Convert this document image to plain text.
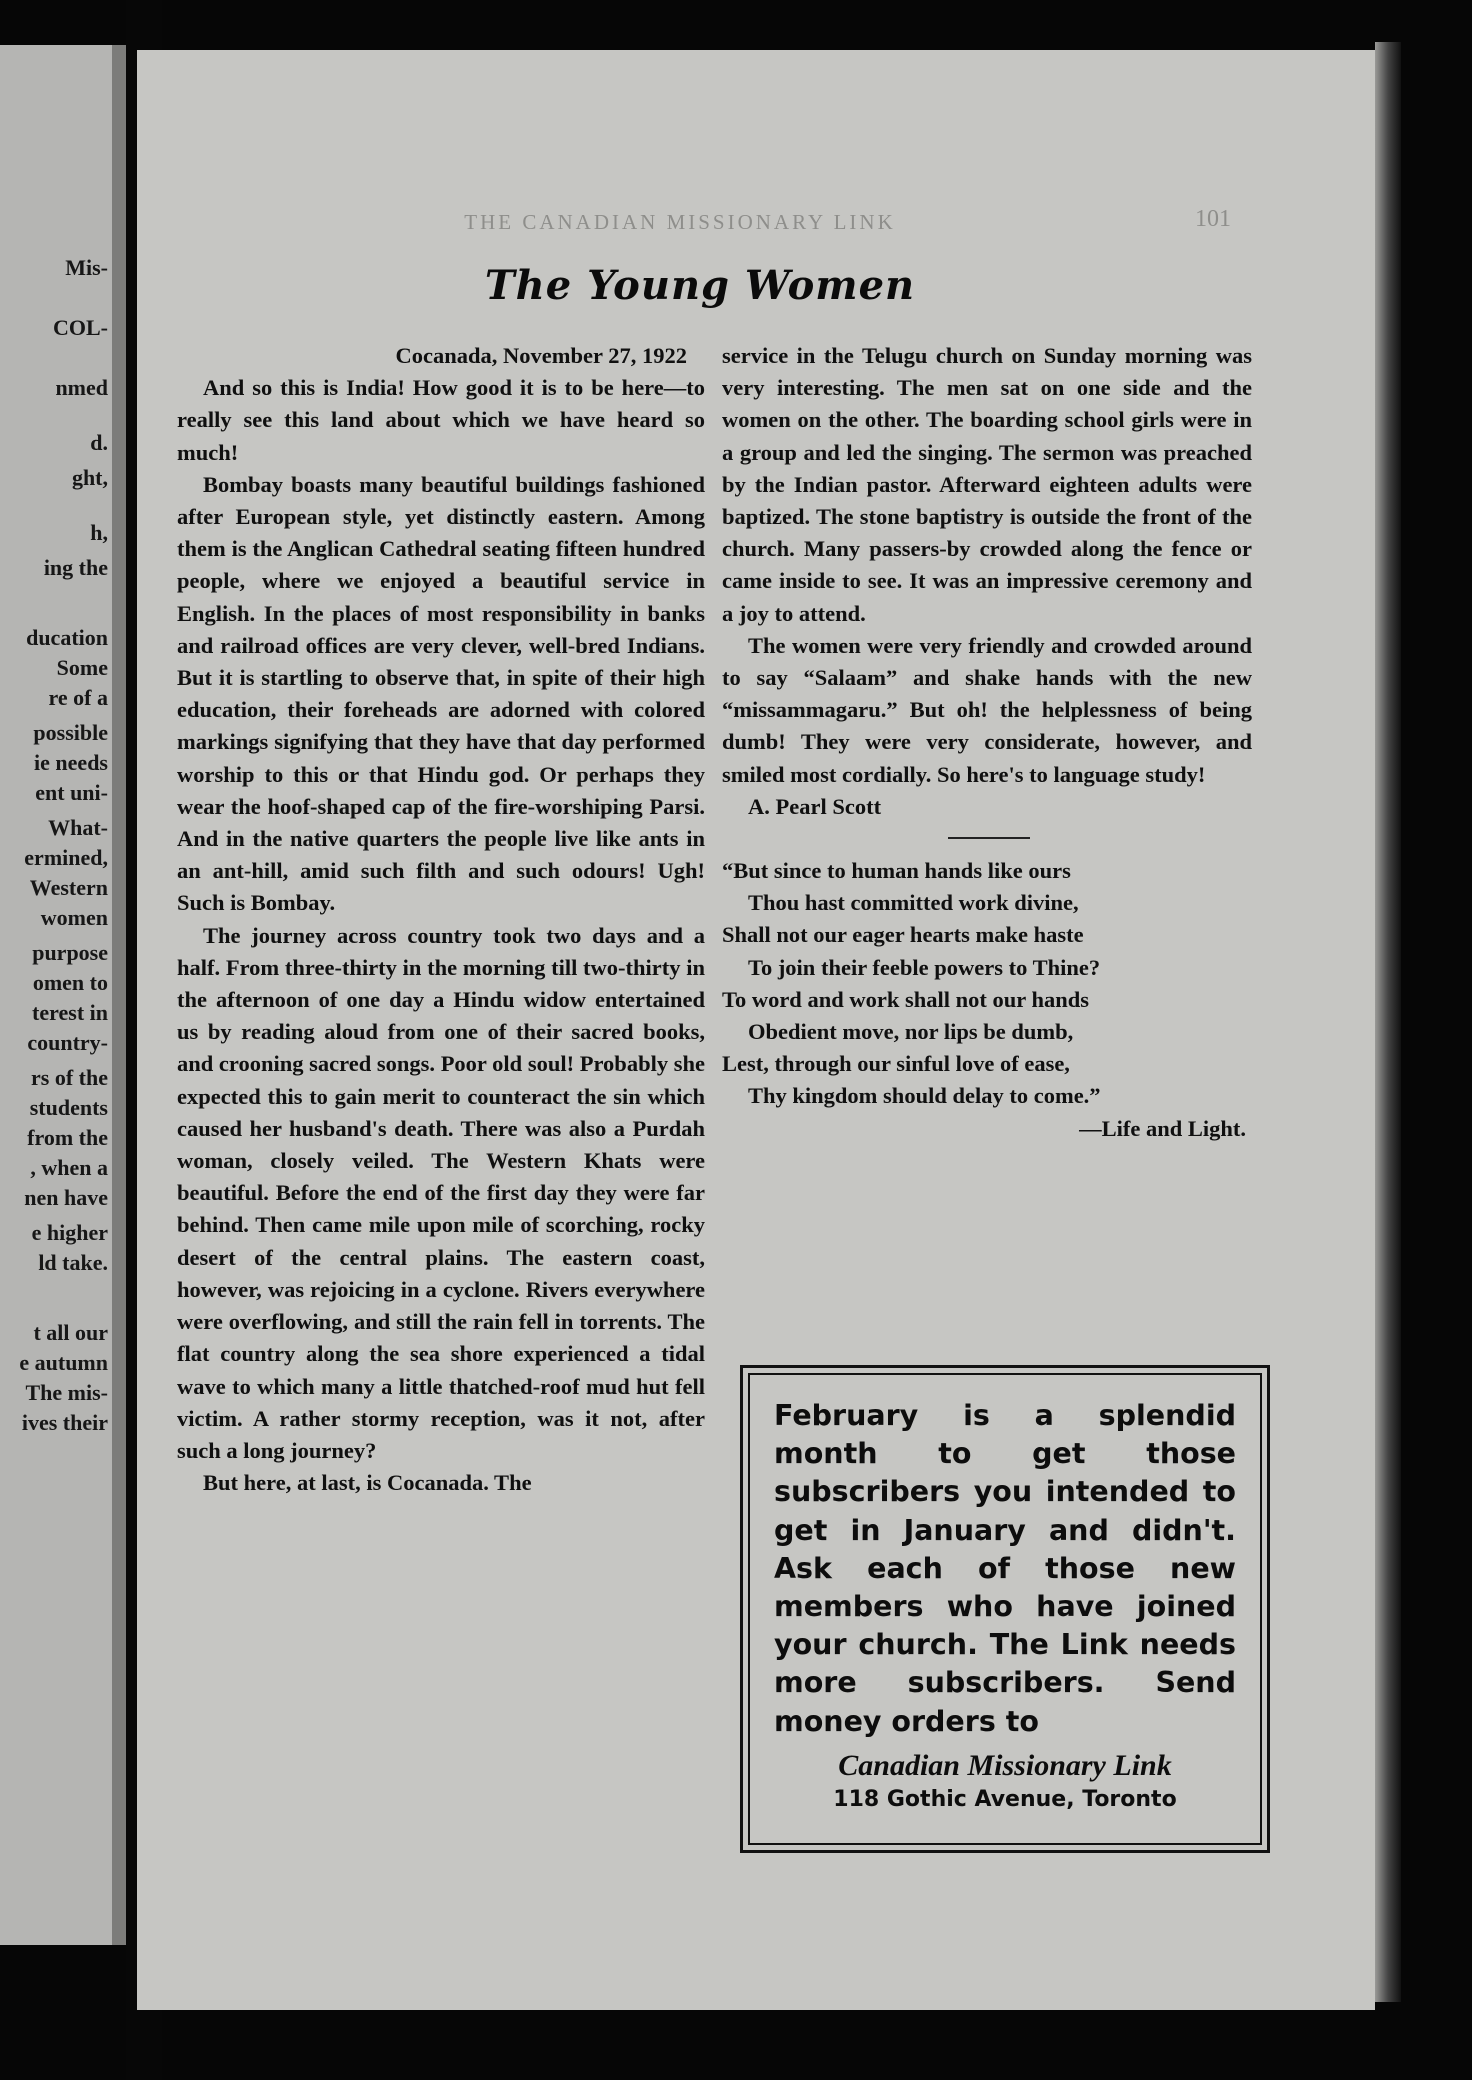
Mis-
COL-
nmed
d.
ght,
h,
ing the
ducation
Some
re of a
possible
ie needs
ent uni-
What-
ermined,
Western
women
purpose
omen to
terest in
country-
rs of the
students
from the
, when a
nen have
e higher
ld take.
t all our
e autumn
The mis-
ives their
THE CANADIAN MISSIONARY LINK	101
The Young Women

Cocanada, November 27, 1922

And so this is India! How good it is to be here—to really see this land about which we have heard so much!

Bombay boasts many beautiful buildings fashioned after European style, yet distinctly eastern. Among them is the Anglican Cathedral seating fifteen hundred people, where we enjoyed a beautiful service in English. In the places of most responsibility in banks and railroad offices are very clever, well-bred Indians. But it is startling to observe that, in spite of their high education, their foreheads are adorned with colored markings signifying that they have that day performed worship to this or that Hindu god. Or perhaps they wear the hoof-shaped cap of the fire-worshiping Parsi. And in the native quarters the people live like ants in an ant-hill, amid such filth and such odours! Ugh! Such is Bombay.

The journey across country took two days and a half. From three-thirty in the morning till two-thirty in the afternoon of one day a Hindu widow entertained us by reading aloud from one of their sacred books, and crooning sacred songs. Poor old soul! Probably she expected this to gain merit to counteract the sin which caused her husband's death. There was also a Purdah woman, closely veiled. The Western Khats were beautiful. Before the end of the first day they were far behind. Then came mile upon mile of scorching, rocky desert of the central plains. The eastern coast, however, was rejoicing in a cyclone. Rivers everywhere were overflowing, and still the rain fell in torrents. The flat country along the sea shore experienced a tidal wave to which many a little thatched-roof mud hut fell victim. A rather stormy reception, was it not, after such a long journey?

But here, at last, is Cocanada. The

service in the Telugu church on Sunday morning was very interesting. The men sat on one side and the women on the other. The boarding school girls were in a group and led the singing. The sermon was preached by the Indian pastor. Afterward eighteen adults were baptized. The stone baptistry is outside the front of the church. Many passers-by crowded along the fence or came inside to see. It was an impressive ceremony and a joy to attend.

The women were very friendly and crowded around to say “Salaam” and shake hands with the new “missammagaru.” But oh! the helplessness of being dumb! They were very considerate, however, and smiled most cordially. So here's to language study!

A. Pearl Scott

“But since to human hands like ours
Thou hast committed work divine,
Shall not our eager hearts make haste
To join their feeble powers to Thine?
To word and work shall not our hands
Obedient move, nor lips be dumb,
Lest, through our sinful love of ease,
Thy kingdom should delay to come.”
—Life and Light.

February is a splendid month to get those subscribers you intended to get in January and didn't. Ask each of those new members who have joined your church. The Link needs more subscribers. Send money orders to

Canadian Missionary Link

118 Gothic Avenue, Toronto
